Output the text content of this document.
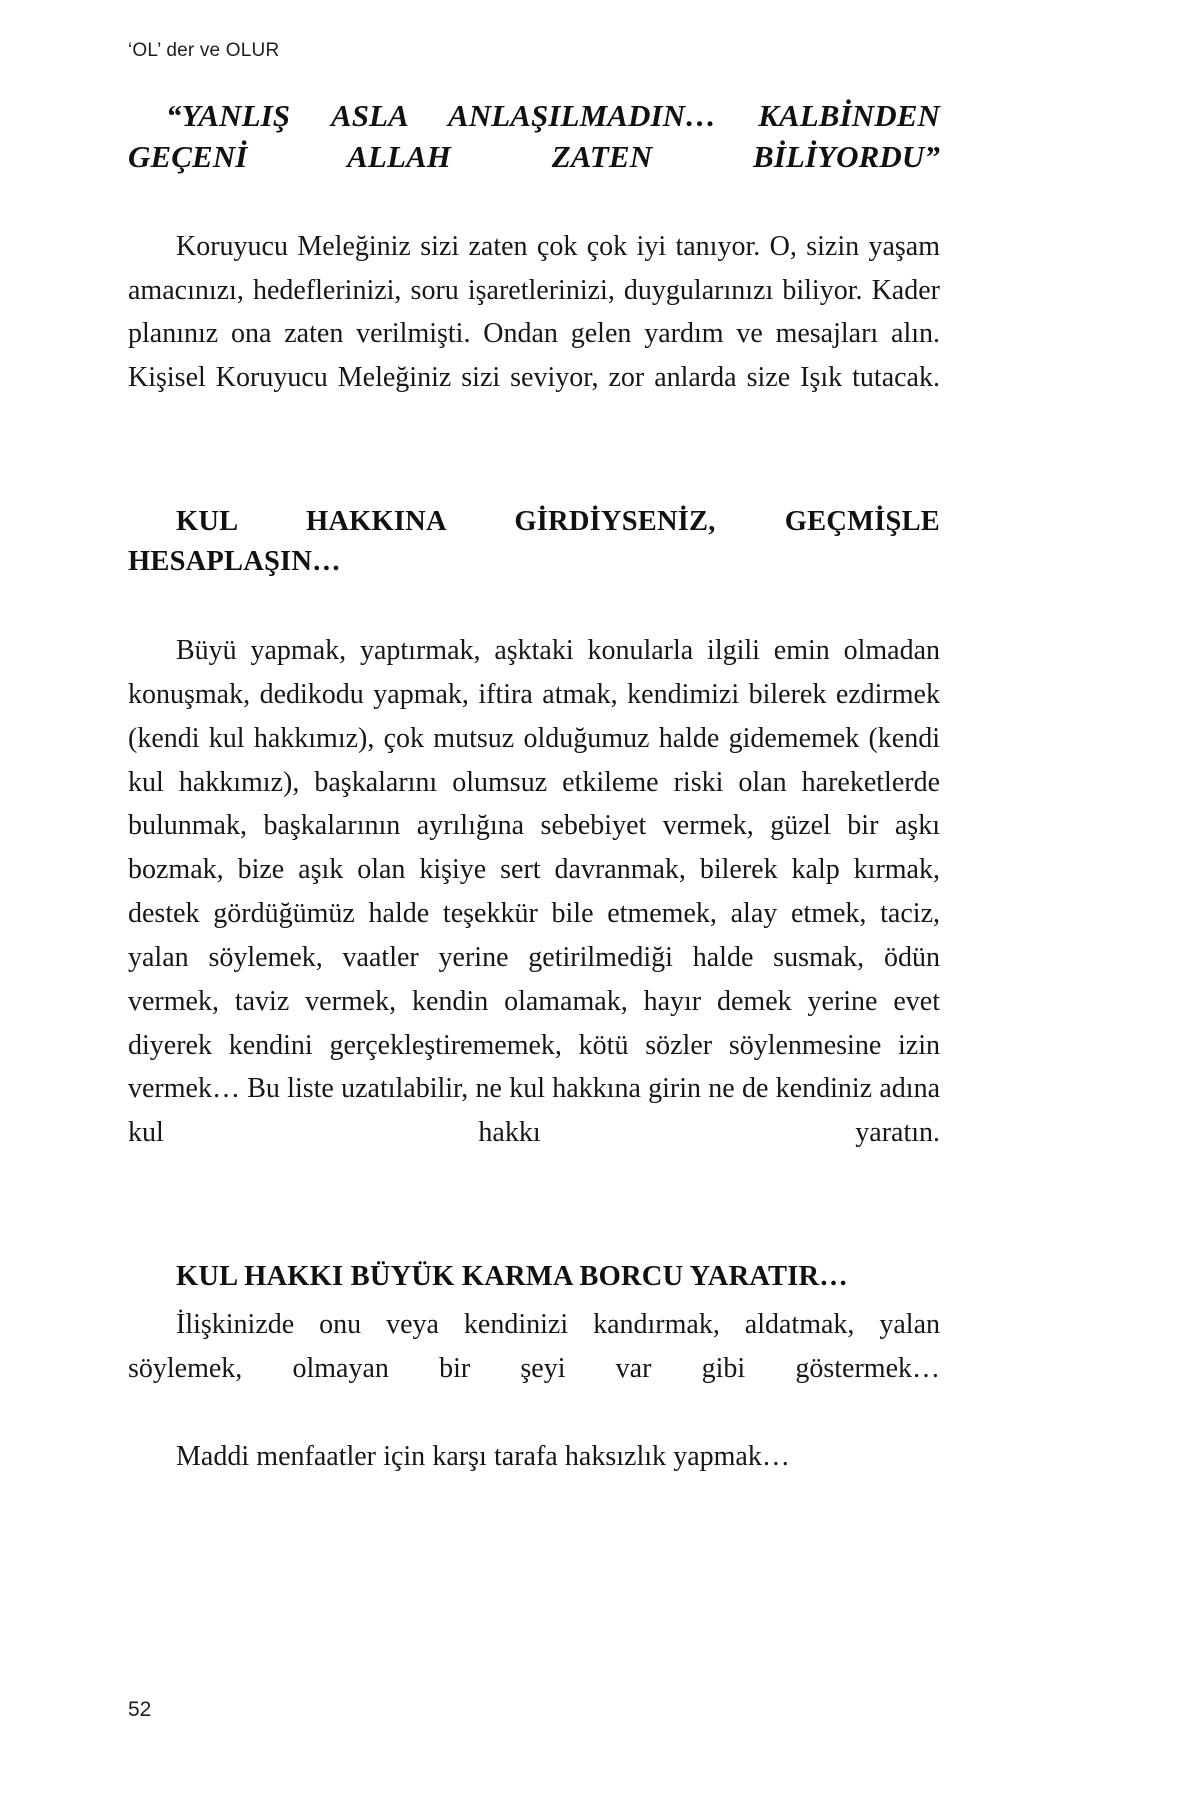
‘OL’ der ve OLUR
“YANLIŞ ASLA ANLAŞILMADIN… KALBİNDEN GEÇENİ ALLAH ZATEN BİLİYORDU”

Koruyucu Meleğiniz sizi zaten çok çok iyi tanıyor. O, sizin yaşam amacınızı, hedeflerinizi, soru işaretlerinizi, duygularınızı biliyor. Kader planınız ona zaten verilmişti. Ondan gelen yardım ve mesajları alın. Kişisel Koruyucu Meleğiniz sizi seviyor, zor anlarda size Işık tutacak.

KUL HAKKINA GİRDİYSENİZ, GEÇMİŞLE HESAPLAŞIN…

Büyü yapmak, yaptırmak, aşktaki konularla ilgili emin olmadan konuşmak, dedikodu yapmak, iftira atmak, kendimizi bilerek ezdirmek (kendi kul hakkımız), çok mutsuz olduğumuz halde gidememek (kendi kul hakkımız), başkalarını olumsuz etkileme riski olan hareketlerde bulunmak, başkalarının ayrılığına sebebiyet vermek, güzel bir aşkı bozmak, bize aşık olan kişiye sert davranmak, bilerek kalp kırmak, destek gördüğümüz halde teşekkür bile etmemek, alay etmek, taciz, yalan söylemek, vaatler yerine getirilmediği halde susmak, ödün vermek, taviz vermek, kendin olamamak, hayır demek yerine evet diyerek kendini gerçekleştirememek, kötü sözler söylenmesine izin vermek… Bu liste uzatılabilir, ne kul hakkına girin ne de kendiniz adına kul hakkı yaratın.

KUL HAKKI BÜYÜK KARMA BORCU YARATIR…

İlişkinizde onu veya kendinizi kandırmak, aldatmak, yalan söylemek, olmayan bir şeyi var gibi göstermek…

Maddi menfaatler için karşı tarafa haksızlık yapmak…

52
